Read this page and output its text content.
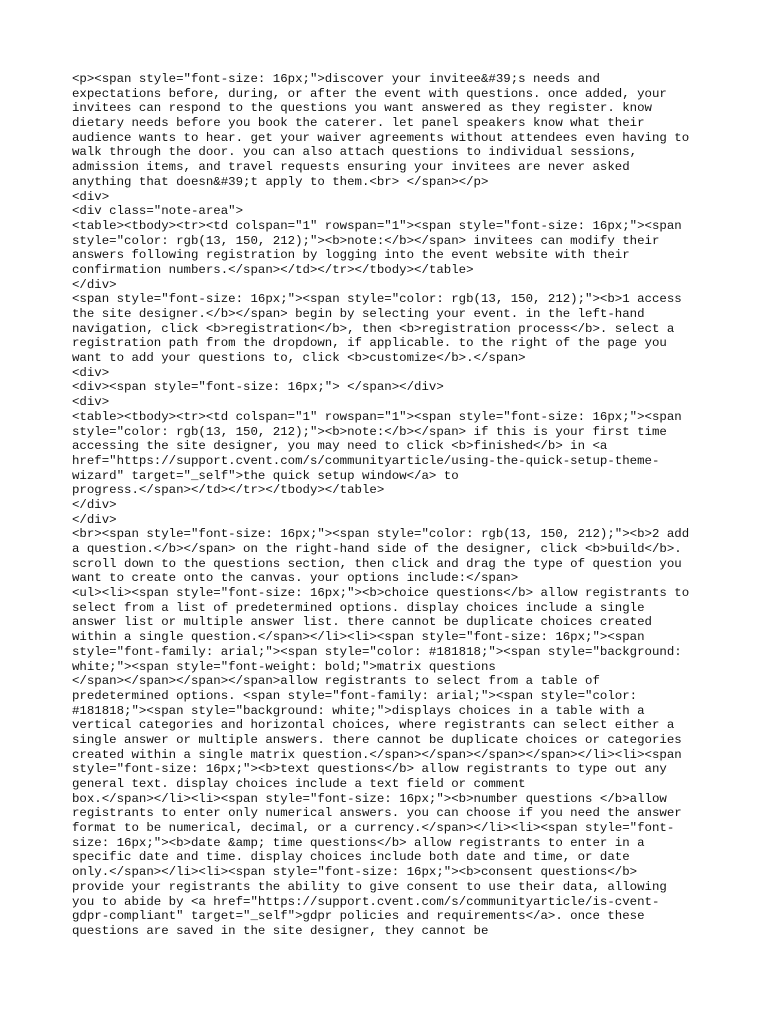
<p><span style="font-size: 16px;">discover your invitee&#39;s needs and
expectations before, during, or after the event with questions. once added, your
invitees can respond to the questions you want answered as they register. know
dietary needs before you book the caterer. let panel speakers know what their
audience wants to hear. get your waiver agreements without attendees even having to
walk through the door. you can also attach questions to individual sessions,
admission items, and travel requests ensuring your invitees are never asked
anything that doesn&#39;t apply to them.<br> </span></p>
<div>
<div class="note-area">
<table><tbody><tr><td colspan="1" rowspan="1"><span style="font-size: 16px;"><span
style="color: rgb(13, 150, 212);"><b>note:</b></span> invitees can modify their
answers following registration by logging into the event website with their
confirmation numbers.</span></td></tr></tbody></table>
</div>
<span style="font-size: 16px;"><span style="color: rgb(13, 150, 212);"><b>1 access
the site designer.</b></span> begin by selecting your event. in the left-hand
navigation, click <b>registration</b>, then <b>registration process</b>. select a
registration path from the dropdown, if applicable. to the right of the page you
want to add your questions to, click <b>customize</b>.</span>
<div>
<div><span style="font-size: 16px;"> </span></div>
<div>
<table><tbody><tr><td colspan="1" rowspan="1"><span style="font-size: 16px;"><span
style="color: rgb(13, 150, 212);"><b>note:</b></span> if this is your first time
accessing the site designer, you may need to click <b>finished</b> in <a
href="https://support.cvent.com/s/communityarticle/using-the-quick-setup-theme-
wizard" target="_self">the quick setup window</a> to
progress.</span></td></tr></tbody></table>
</div>
</div>
<br><span style="font-size: 16px;"><span style="color: rgb(13, 150, 212);"><b>2 add
a question.</b></span> on the right-hand side of the designer, click <b>build</b>.
scroll down to the questions section, then click and drag the type of question you
want to create onto the canvas. your options include:</span>
<ul><li><span style="font-size: 16px;"><b>choice questions</b> allow registrants to
select from a list of predetermined options. display choices include a single
answer list or multiple answer list. there cannot be duplicate choices created
within a single question.</span></li><li><span style="font-size: 16px;"><span
style="font-family: arial;"><span style="color: #181818;"><span style="background:
white;"><span style="font-weight: bold;">matrix questions
</span></span></span></span>allow registrants to select from a table of
predetermined options. <span style="font-family: arial;"><span style="color:
#181818;"><span style="background: white;">displays choices in a table with a
vertical categories and horizontal choices, where registrants can select either a
single answer or multiple answers. there cannot be duplicate choices or categories
created within a single matrix question.</span></span></span></span></li><li><span
style="font-size: 16px;"><b>text questions</b> allow registrants to type out any
general text. display choices include a text field or comment
box.</span></li><li><span style="font-size: 16px;"><b>number questions </b>allow
registrants to enter only numerical answers. you can choose if you need the answer
format to be numerical, decimal, or a currency.</span></li><li><span style="font-
size: 16px;"><b>date &amp; time questions</b> allow registrants to enter in a
specific date and time. display choices include both date and time, or date
only.</span></li><li><span style="font-size: 16px;"><b>consent questions</b>
provide your registrants the ability to give consent to use their data, allowing
you to abide by <a href="https://support.cvent.com/s/communityarticle/is-cvent-
gdpr-compliant" target="_self">gdpr policies and requirements</a>. once these
questions are saved in the site designer, they cannot be
